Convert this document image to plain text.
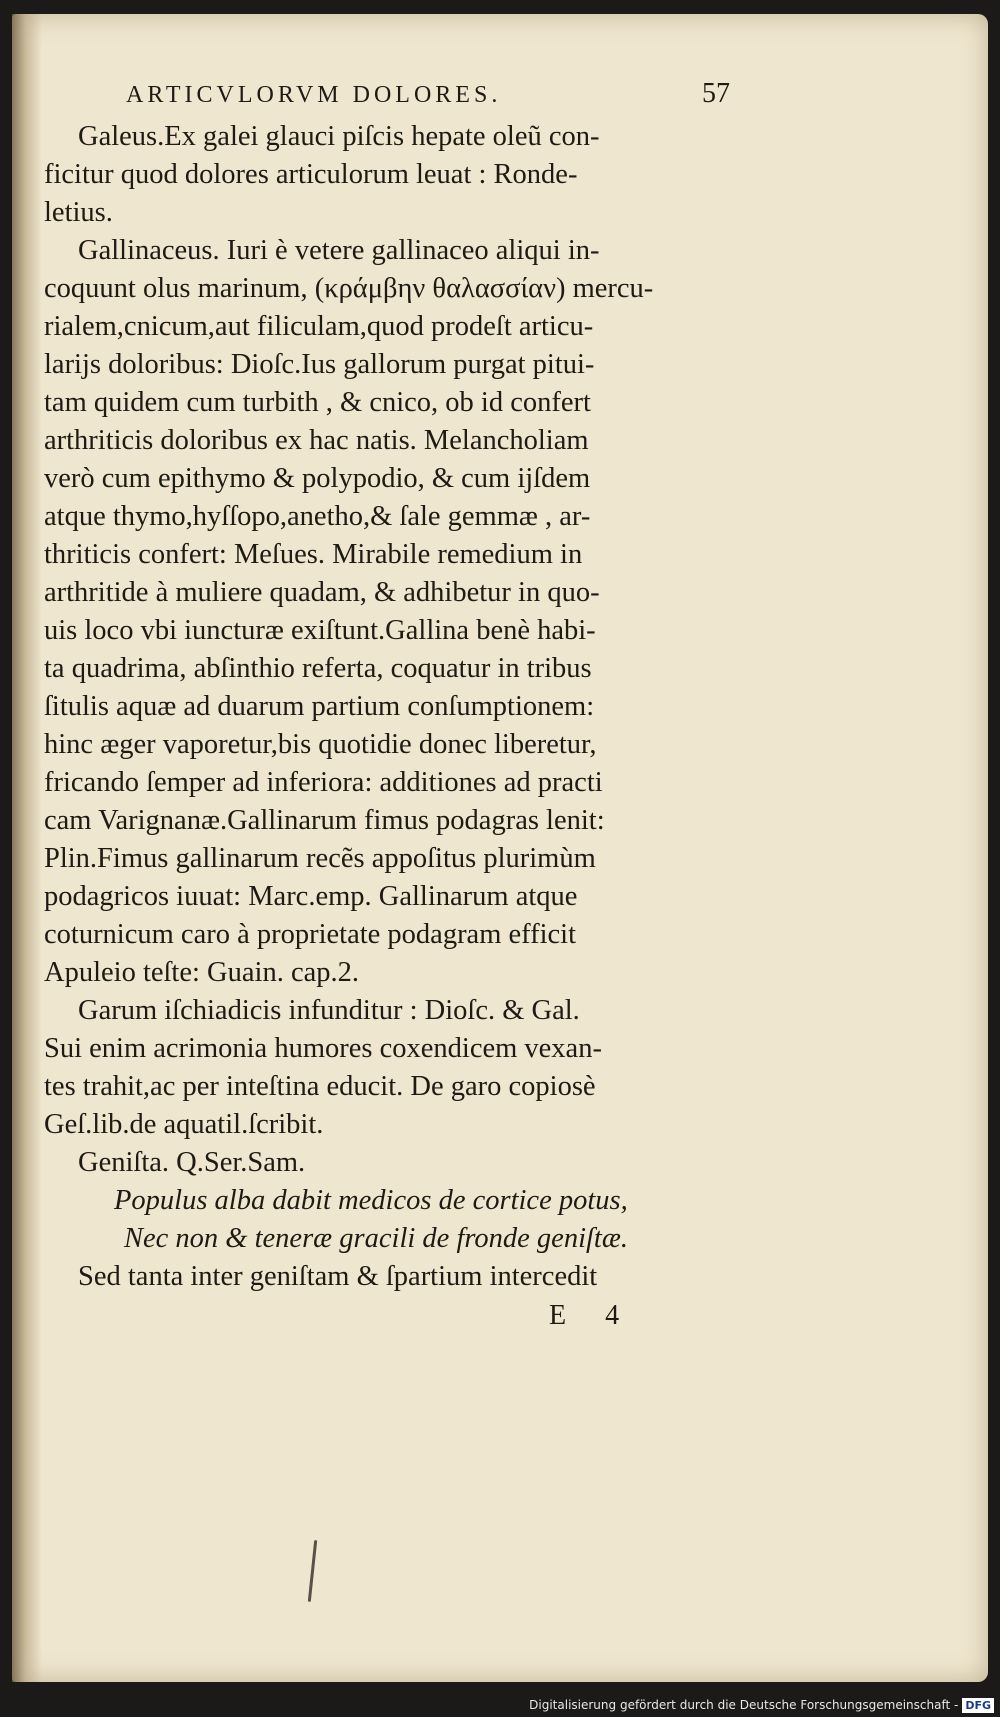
ARTICVLORVM DOLORES.	57
Galeus.Ex galei glauci piſcis hepate oleũ con-
ficitur quod dolores articulorum leuat : Ronde-
letius.
Gallinaceus. Iuri è vetere gallinaceo aliqui in-
coquunt olus marinum, (κράμβην θαλασσίαν) mercu-
rialem,cnicum,aut filiculam,quod prodeſt articu-
larijs doloribus: Dioſc.Ius gallorum purgat pitui-
tam quidem cum turbith , & cnico, ob id confert
arthriticis doloribus ex hac natis. Melancholiam
verò cum epithymo & polypodio, & cum ijſdem
atque thymo,hyſſopo,anetho,& ſale gemmæ , ar-
thriticis confert: Meſues. Mirabile remedium in
arthritide à muliere quadam, & adhibetur in quo-
uis loco vbi iuncturæ exiſtunt.Gallina benè habi-
ta quadrima, abſinthio referta, coquatur in tribus
ſitulis aquæ ad duarum partium conſumptionem:
hinc æger vaporetur,bis quotidie donec liberetur,
fricando ſemper ad inferiora: additiones ad practi
cam Varignanæ.Gallinarum fimus podagras lenit:
Plin.Fimus gallinarum recẽs appoſitus plurimùm
podagricos iuuat: Marc.emp. Gallinarum atque
coturnicum caro à proprietate podagram efficit
Apuleio teſte: Guain. cap.2.
Garum iſchiadicis infunditur : Dioſc. & Gal.
Sui enim acrimonia humores coxendicem vexan-
tes trahit,ac per inteſtina educit. De garo copiosè
Geſ.lib.de aquatil.ſcribit.
Geniſta. Q.Ser.Sam.
Populus alba dabit medicos de cortice potus,
Nec non & teneræ gracili de fronde geniſtæ.
Sed tanta inter geniſtam & ſpartium intercedit
E 4
Digitalisierung gefördert durch die Deutsche Forschungsgemeinschaft - DFG
